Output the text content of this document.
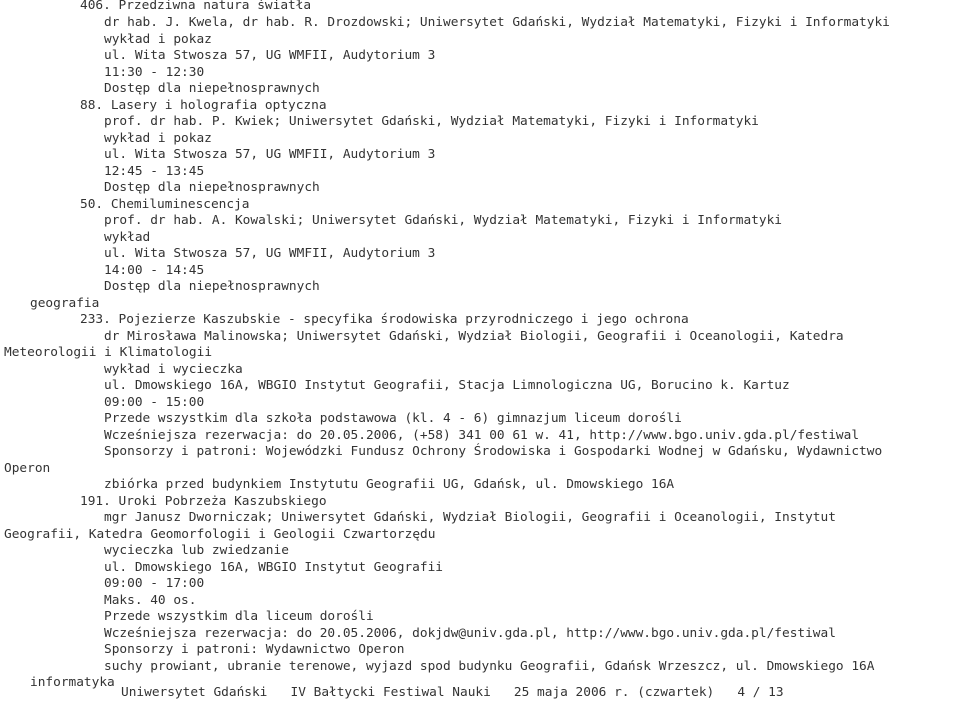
406. Przedziwna natura światła
dr hab. J. Kwela, dr hab. R. Drozdowski; Uniwersytet Gdański, Wydział Matematyki, Fizyki i Informatyki
wykład i pokaz
ul. Wita Stwosza 57, UG WMFII, Audytorium 3
11:30 - 12:30
Dostęp dla niepełnosprawnych
88. Lasery i holografia optyczna
prof. dr hab. P. Kwiek; Uniwersytet Gdański, Wydział Matematyki, Fizyki i Informatyki
wykład i pokaz
ul. Wita Stwosza 57, UG WMFII, Audytorium 3
12:45 - 13:45
Dostęp dla niepełnosprawnych
50. Chemiluminescencja
prof. dr hab. A. Kowalski; Uniwersytet Gdański, Wydział Matematyki, Fizyki i Informatyki
wykład
ul. Wita Stwosza 57, UG WMFII, Audytorium 3
14:00 - 14:45
Dostęp dla niepełnosprawnych
geografia
233. Pojezierze Kaszubskie - specyfika środowiska przyrodniczego i jego ochrona
dr Mirosława Malinowska; Uniwersytet Gdański, Wydział Biologii, Geografii i Oceanologii, Katedra
Meteorologii i Klimatologii
wykład i wycieczka
ul. Dmowskiego 16A, WBGIO Instytut Geografii, Stacja Limnologiczna UG, Borucino k. Kartuz
09:00 - 15:00
Przede wszystkim dla szkoła podstawowa (kl. 4 - 6) gimnazjum liceum dorośli
Wcześniejsza rezerwacja: do 20.05.2006, (+58) 341 00 61 w. 41, http://www.bgo.univ.gda.pl/festiwal
Sponsorzy i patroni: Wojewódzki Fundusz Ochrony Środowiska i Gospodarki Wodnej w Gdańsku, Wydawnictwo
Operon
zbiórka przed budynkiem Instytutu Geografii UG, Gdańsk, ul. Dmowskiego 16A
191. Uroki Pobrzeża Kaszubskiego
mgr Janusz Dworniczak; Uniwersytet Gdański, Wydział Biologii, Geografii i Oceanologii, Instytut
Geografii, Katedra Geomorfologii i Geologii Czwartorzędu
wycieczka lub zwiedzanie
ul. Dmowskiego 16A, WBGIO Instytut Geografii
09:00 - 17:00
Maks. 40 os.
Przede wszystkim dla liceum dorośli
Wcześniejsza rezerwacja: do 20.05.2006, dokjdw@univ.gda.pl, http://www.bgo.univ.gda.pl/festiwal
Sponsorzy i patroni: Wydawnictwo Operon
suchy prowiant, ubranie terenowe, wyjazd spod budynku Geografii, Gdańsk Wrzeszcz, ul. Dmowskiego 16A
informatyka
Uniwersytet Gdański   IV Bałtycki Festiwal Nauki   25 maja 2006 r. (czwartek)   4 / 13
